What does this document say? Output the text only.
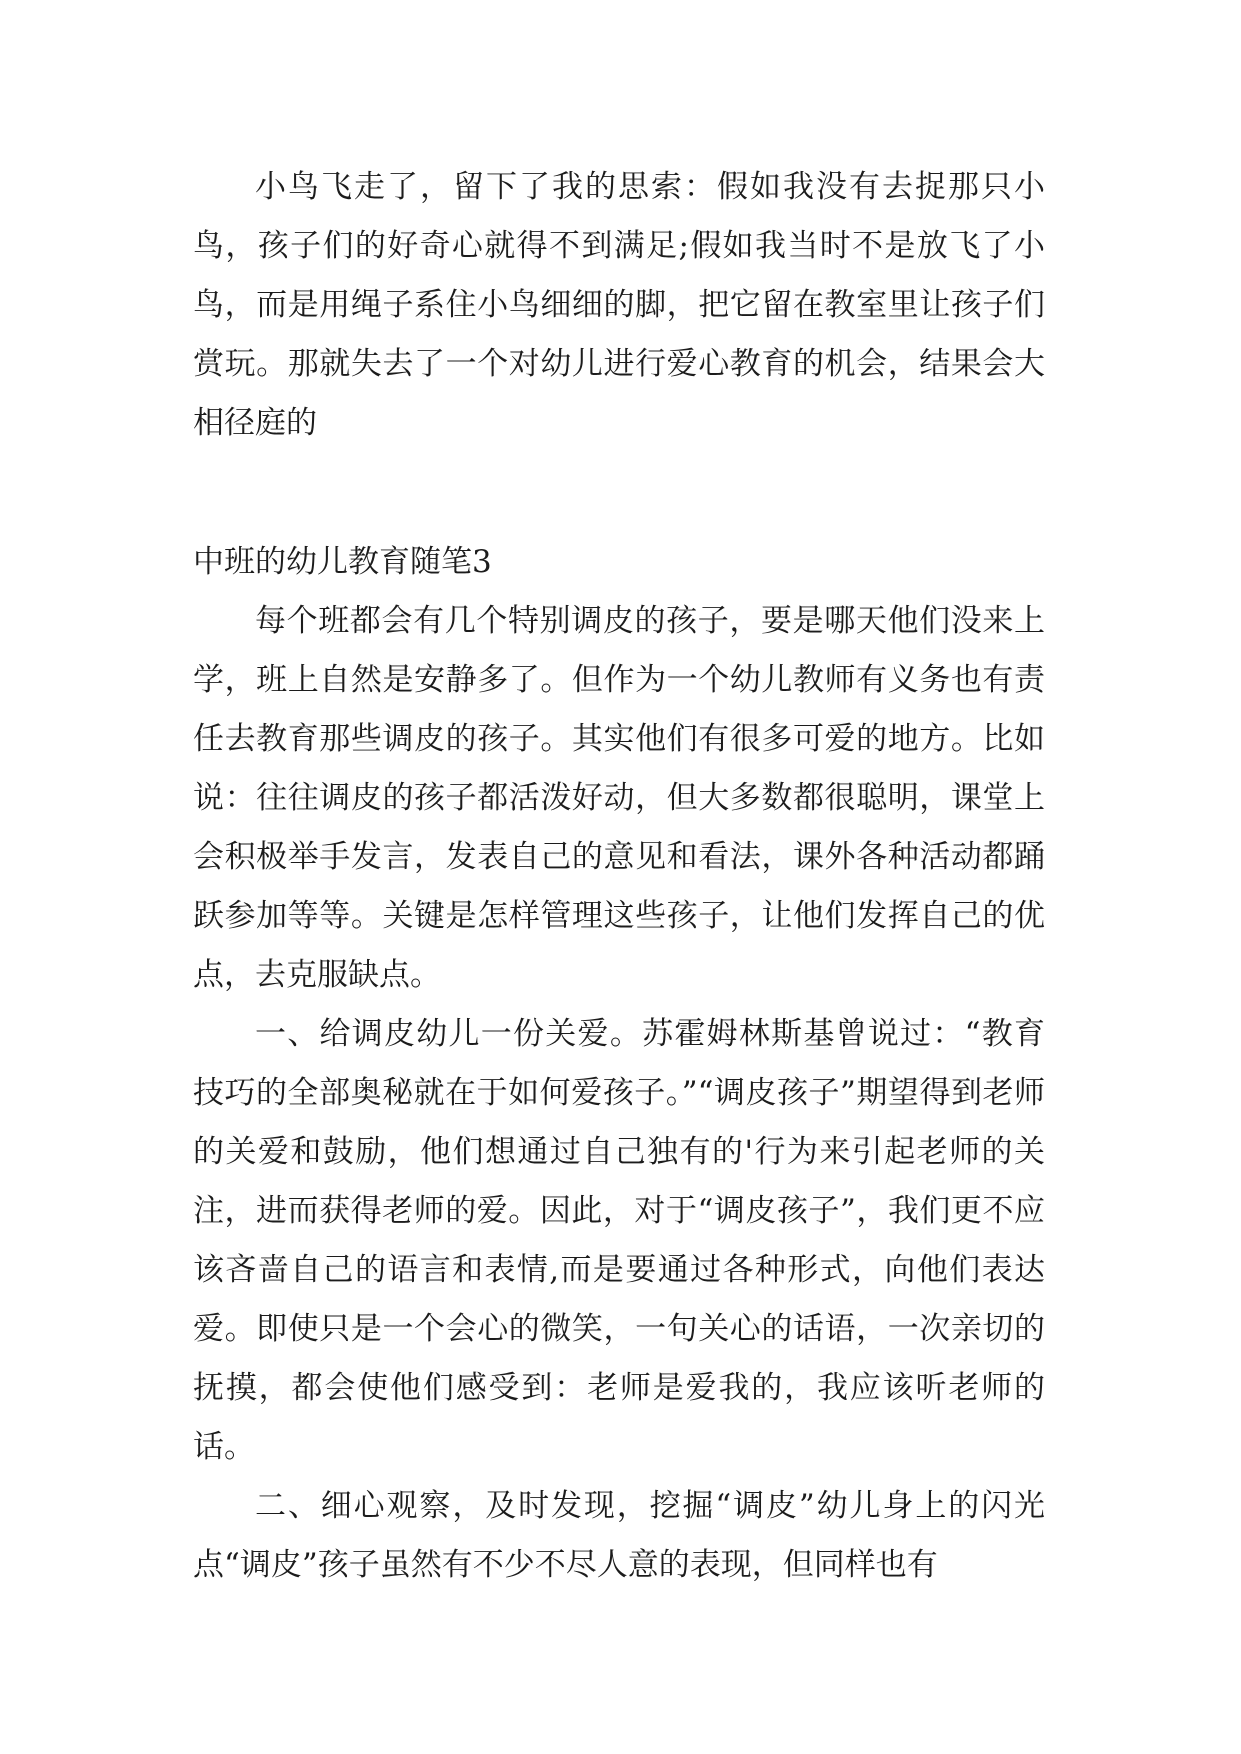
小鸟飞走了，留下了我的思索：假如我没有去捉那只小鸟，孩子们的好奇心就得不到满足;假如我当时不是放飞了小鸟，而是用绳子系住小鸟细细的脚，把它留在教室里让孩子们赏玩。那就失去了一个对幼儿进行爱心教育的机会，结果会大相径庭的

中班的幼儿教育随笔3

每个班都会有几个特别调皮的孩子，要是哪天他们没来上学，班上自然是安静多了。但作为一个幼儿教师有义务也有责任去教育那些调皮的孩子。其实他们有很多可爱的地方。比如说：往往调皮的孩子都活泼好动，但大多数都很聪明，课堂上会积极举手发言，发表自己的意见和看法，课外各种活动都踊跃参加等等。关键是怎样管理这些孩子，让他们发挥自己的优点，去克服缺点。

一、给调皮幼儿一份关爱。苏霍姆林斯基曾说过：“教育技巧的全部奥秘就在于如何爱孩子。”“调皮孩子”期望得到老师的关爱和鼓励，他们想通过自己独有的'行为来引起老师的关注，进而获得老师的爱。因此，对于“调皮孩子”，我们更不应该吝啬自己的语言和表情,而是要通过各种形式，向他们表达爱。即使只是一个会心的微笑，一句关心的话语，一次亲切的抚摸，都会使他们感受到：老师是爱我的，我应该听老师的话。

二、细心观察，及时发现，挖掘“调皮”幼儿身上的闪光点“调皮”孩子虽然有不少不尽人意的表现，但同样也有
